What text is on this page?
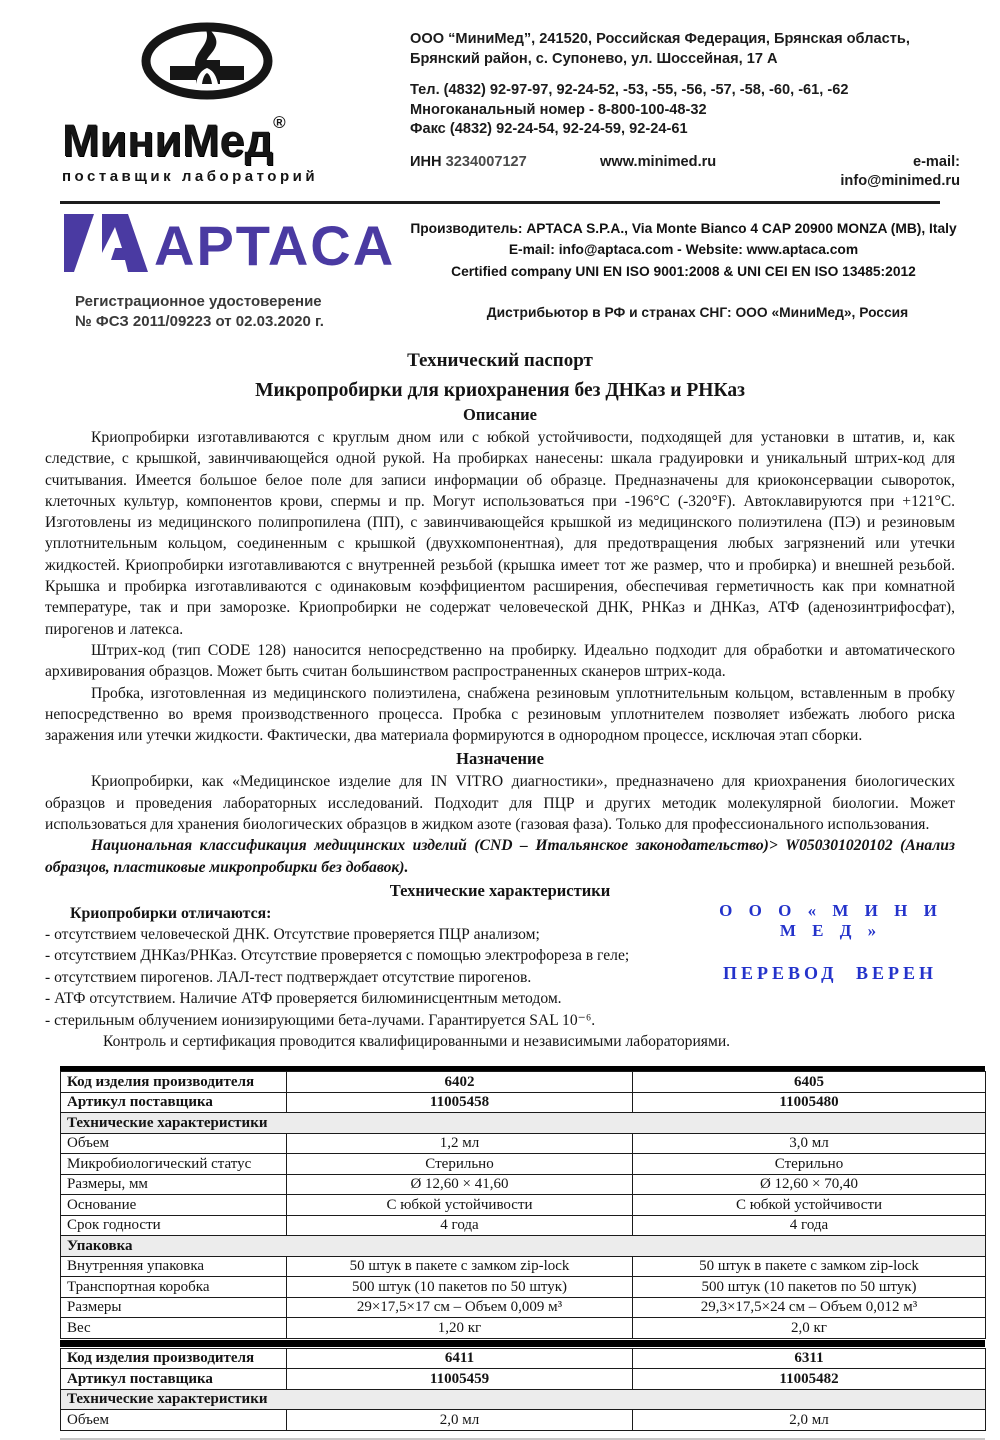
МиниМед®
поставщик лабораторий
ООО “МиниМед”, 241520, Российская Федерация, Брянская область,
Брянский район, с. Супонево, ул. Шоссейная, 17 А
Тел. (4832) 92-97-97, 92-24-52, -53, -55, -56, -57, -58, -60, -61, -62
Многоканальный номер - 8-800-100-48-32
Факс (4832) 92-24-54, 92-24-59, 92-24-61
ИНН 3234007127	www.minimed.ru	e-mail: info@minimed.ru
APTACA Производитель: APTACA S.P.A., Via Monte Bianco 4 CAP 20900 MONZA (MB), Italy
E-mail: info@aptaca.com - Website: www.aptaca.com
Certified company UNI EN ISO 9001:2008 & UNI CEI EN ISO 13485:2012
Регистрационное удостоверение
№ ФСЗ 2011/09223 от 02.03.2020 г.
Дистрибьютор в РФ и странах СНГ: ООО «МиниМед», Россия
Технический паспорт
Микропробирки для криохранения без ДНКаз и РНКаз
Описание

Криопробирки изготавливаются с круглым дном или с юбкой устойчивости, подходящей для установки в штатив, и, как следствие, с крышкой, завинчивающейся одной рукой. На пробирках нанесены: шкала градуировки и уникальный штрих-код для считывания. Имеется большое белое поле для записи информации об образце. Предназначены для криоконсервации сывороток, клеточных культур, компонентов крови, спермы и пр. Могут использоваться при -196°С (-320°F). Автоклавируются при +121°С. Изготовлены из медицинского полипропилена (ПП), с завинчивающейся крышкой из медицинского полиэтилена (ПЭ) и резиновым уплотнительным кольцом, соединенным с крышкой (двухкомпонентная), для предотвращения любых загрязнений или утечки жидкостей. Криопробирки изготавливаются с внутренней резьбой (крышка имеет тот же размер, что и пробирка) и внешней резьбой. Крышка и пробирка изготавливаются с одинаковым коэффициентом расширения, обеспечивая герметичность как при комнатной температуре, так и при заморозке. Криопробирки не содержат человеческой ДНК, РНКаз и ДНКаз, АТФ (аденозинтрифосфат), пирогенов и латекса.

Штрих-код (тип CODE 128) наносится непосредственно на пробирку. Идеально подходит для обработки и автоматического архивирования образцов. Может быть считан большинством распространенных сканеров штрих-кода.

Пробка, изготовленная из медицинского полиэтилена, снабжена резиновым уплотнительным кольцом, вставленным в пробку непосредственно во время производственного процесса. Пробка с резиновым уплотнителем позволяет избежать любого риска заражения или утечки жидкости. Фактически, два материала формируются в однородном процессе, исключая этап сборки.

Назначение

Криопробирки, как «Медицинское изделие для IN VITRO диагностики», предназначено для криохранения биологических образцов и проведения лабораторных исследований. Подходит для ПЦР и других методик молекулярной биологии. Может использоваться для хранения биологических образцов в жидком азоте (газовая фаза). Только для профессионального использования.

Национальная классификация медицинских изделий (CND – Итальянское законодательство)> W050301020102 (Анализ образцов, пластиковые микропробирки без добавок).

Технические характеристики
Криопробирки отличаются:
- отсутствием человеческой ДНК. Отсутствие проверяется ПЦР анализом;
- отсутствием ДНКаз/РНКаз. Отсутствие проверяется с помощью электрофореза в геле;
- отсутствием пирогенов. ЛАЛ-тест подтверждает отсутствие пирогенов.
- АТФ отсутствием. Наличие АТФ проверяется билюминисцентным методом.
- стерильным облучением ионизирующими бета-лучами. Гарантируется SAL 10⁻⁶.
Контроль и сертификация проводится квалифицированными и независимыми лабораториями.
О О О « М И Н И М Е Д »
ПЕРЕВОД ВЕРЕН
Код изделия производителя	6402	6405
Артикул поставщика	11005458	11005480
Технические характеристики		
Объем	1,2 мл	3,0 мл
Микробиологический статус	Стерильно	Стерильно
Размеры, мм	Ø 12,60 × 41,60	Ø 12,60 × 70,40
Основание	С юбкой устойчивости	С юбкой устойчивости
Срок годности	4 года	4 года
Упаковка		
Внутренняя упаковка	50 штук в пакете с замком zip-lock	50 штук в пакете с замком zip-lock
Транспортная коробка	500 штук (10 пакетов по 50 штук)	500 штук (10 пакетов по 50 штук)
Размеры	29×17,5×17 см – Объем 0,009 м³	29,3×17,5×24 см – Объем 0,012 м³
Вес	1,20 кг	2,0 кг
Код изделия производителя	6411	6311
Артикул поставщика	11005459	11005482
Технические характеристики		
Объем	2,0 мл	2,0 мл
